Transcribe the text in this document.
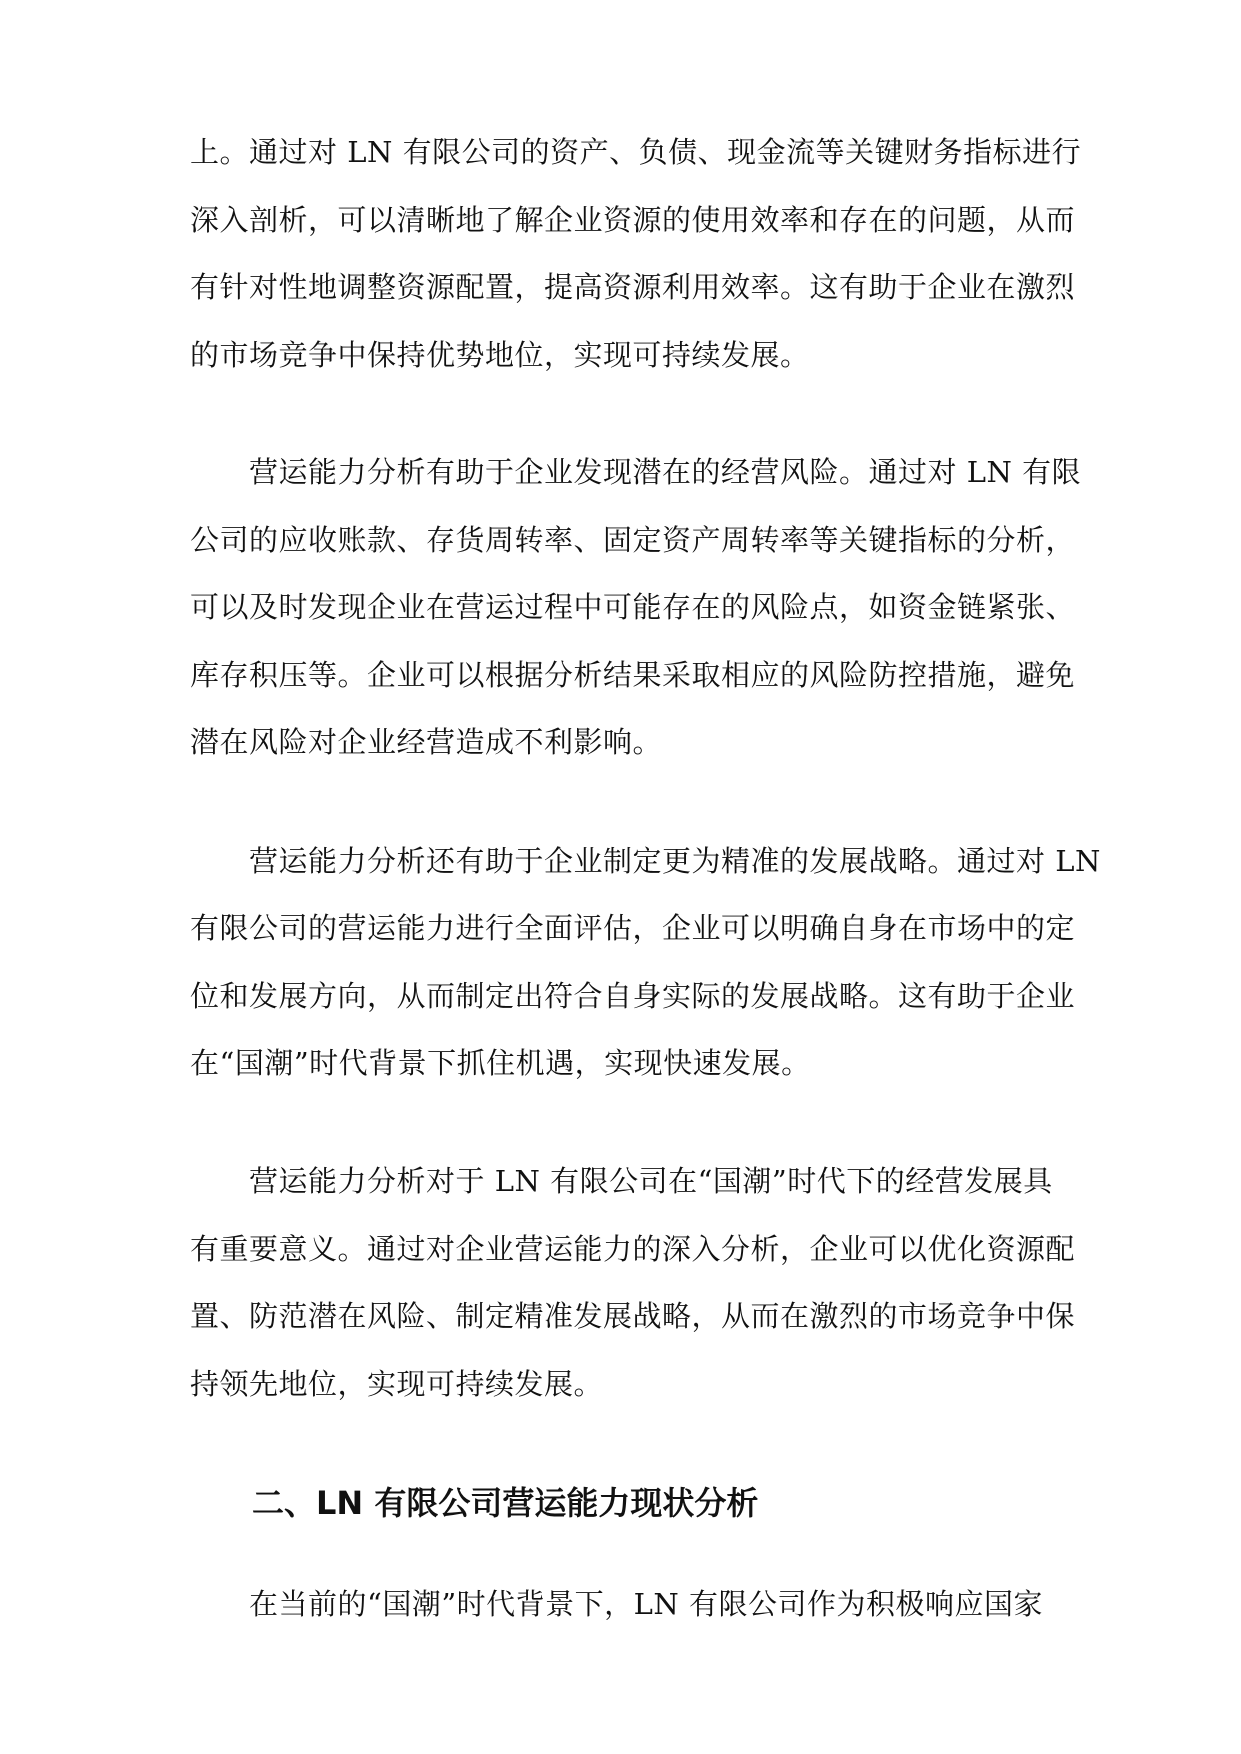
上。通过对 LN 有限公司的资产、负债、现金流等关键财务指标进行
深入剖析，可以清晰地了解企业资源的使用效率和存在的问题，从而
有针对性地调整资源配置，提高资源利用效率。这有助于企业在激烈
的市场竞争中保持优势地位，实现可持续发展。
　　营运能力分析有助于企业发现潜在的经营风险。通过对 LN 有限
公司的应收账款、存货周转率、固定资产周转率等关键指标的分析，
可以及时发现企业在营运过程中可能存在的风险点，如资金链紧张、
库存积压等。企业可以根据分析结果采取相应的风险防控措施，避免
潜在风险对企业经营造成不利影响。
　　营运能力分析还有助于企业制定更为精准的发展战略。通过对 LN
有限公司的营运能力进行全面评估，企业可以明确自身在市场中的定
位和发展方向，从而制定出符合自身实际的发展战略。这有助于企业
在“国潮”时代背景下抓住机遇，实现快速发展。
　　营运能力分析对于 LN 有限公司在“国潮”时代下的经营发展具
有重要意义。通过对企业营运能力的深入分析，企业可以优化资源配
置、防范潜在风险、制定精准发展战略，从而在激烈的市场竞争中保
持领先地位，实现可持续发展。
二、LN 有限公司营运能力现状分析
　　在当前的“国潮”时代背景下，LN 有限公司作为积极响应国家
